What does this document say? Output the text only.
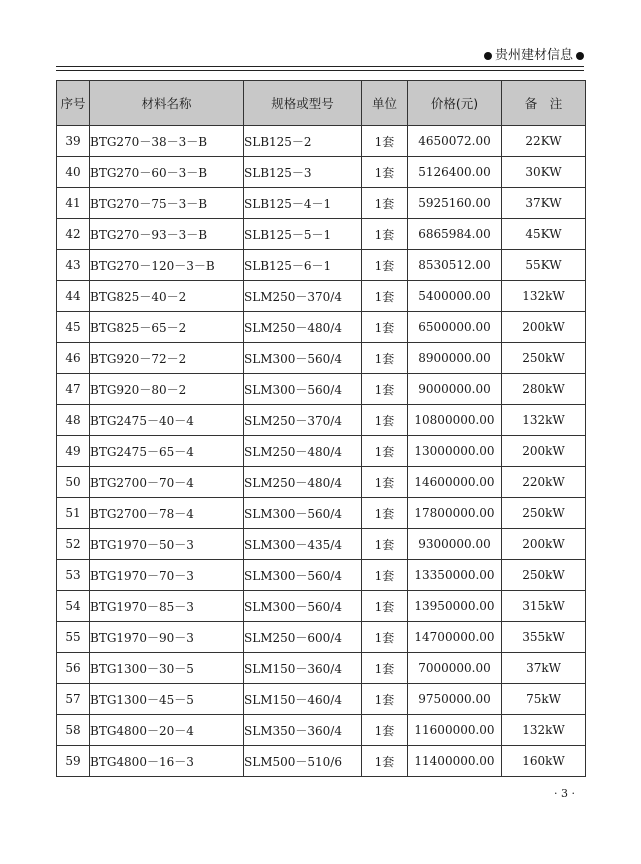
贵州建材信息
序号	材料名称	规格或型号	单位	价格(元)	备　注
39	BTG270－38－3－B	SLB125－2	1套	4650072.00	22KW
40	BTG270－60－3－B	SLB125－3	1套	5126400.00	30KW
41	BTG270－75－3－B	SLB125－4－1	1套	5925160.00	37KW
42	BTG270－93－3－B	SLB125－5－1	1套	6865984.00	45KW
43	BTG270－120－3－B	SLB125－6－1	1套	8530512.00	55KW
44	BTG825－40－2	SLM250－370/4	1套	5400000.00	132kW
45	BTG825－65－2	SLM250－480/4	1套	6500000.00	200kW
46	BTG920－72－2	SLM300－560/4	1套	8900000.00	250kW
47	BTG920－80－2	SLM300－560/4	1套	9000000.00	280kW
48	BTG2475－40－4	SLM250－370/4	1套	10800000.00	132kW
49	BTG2475－65－4	SLM250－480/4	1套	13000000.00	200kW
50	BTG2700－70－4	SLM250－480/4	1套	14600000.00	220kW
51	BTG2700－78－4	SLM300－560/4	1套	17800000.00	250kW
52	BTG1970－50－3	SLM300－435/4	1套	9300000.00	200kW
53	BTG1970－70－3	SLM300－560/4	1套	13350000.00	250kW
54	BTG1970－85－3	SLM300－560/4	1套	13950000.00	315kW
55	BTG1970－90－3	SLM250－600/4	1套	14700000.00	355kW
56	BTG1300－30－5	SLM150－360/4	1套	7000000.00	37kW
57	BTG1300－45－5	SLM150－460/4	1套	9750000.00	75kW
58	BTG4800－20－4	SLM350－360/4	1套	11600000.00	132kW
59	BTG4800－16－3	SLM500－510/6	1套	11400000.00	160kW
· 3 ·
